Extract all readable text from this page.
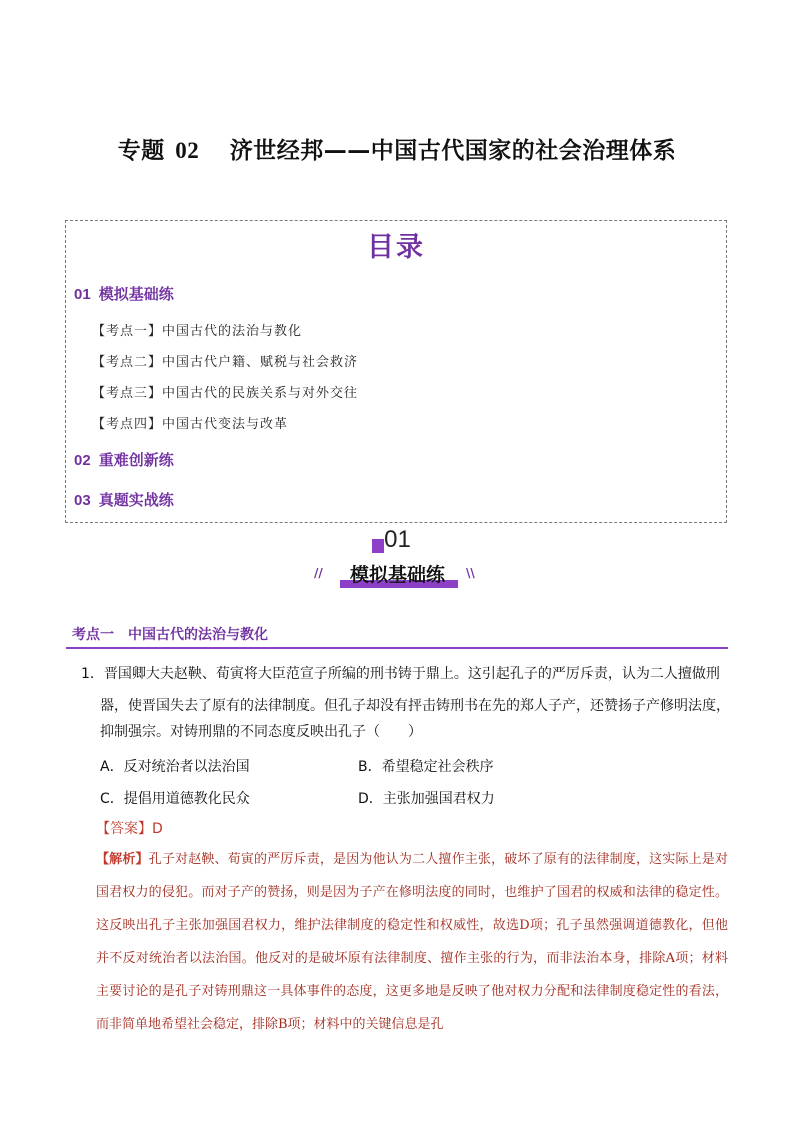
专题 02 济世经邦——中国古代国家的社会治理体系
目录
01 模拟基础练
【考点一】中国古代的法治与教化
【考点二】中国古代户籍、赋税与社会救济
【考点三】中国古代的民族关系与对外交往
【考点四】中国古代变法与改革
02 重难创新练
03 真题实战练
01
//	模拟基础练	\\
考点一　中国古代的法治与教化
1．晋国卿大夫赵鞅、荀寅将大臣范宣子所编的刑书铸于鼎上。这引起孔子的严厉斥责，认为二人擅做刑
器，使晋国失去了原有的法律制度。但孔子却没有抨击铸刑书在先的郑人子产，还赞扬子产修明法度，
抑制强宗。对铸刑鼎的不同态度反映出孔子（　　）
A．反对统治者以法治国	B．希望稳定社会秩序
C．提倡用道德教化民众	D．主张加强国君权力
【答案】D
【解析】孔子对赵鞅、荀寅的严厉斥责，是因为他认为二人擅作主张，破坏了原有的法律制度，这实际上是对国君权力的侵犯。而对子产的赞扬，则是因为子产在修明法度的同时，也维护了国君的权威和法律的稳定性。这反映出孔子主张加强国君权力，维护法律制度的稳定性和权威性，故选D项；孔子虽然强调道德教化，但他并不反对统治者以法治国。他反对的是破坏原有法律制度、擅作主张的行为，而非法治本身，排除A项；材料主要讨论的是孔子对铸刑鼎这一具体事件的态度，这更多地是反映了他对权力分配和法律制度稳定性的看法，而非简单地希望社会稳定，排除B项；材料中的关键信息是孔
